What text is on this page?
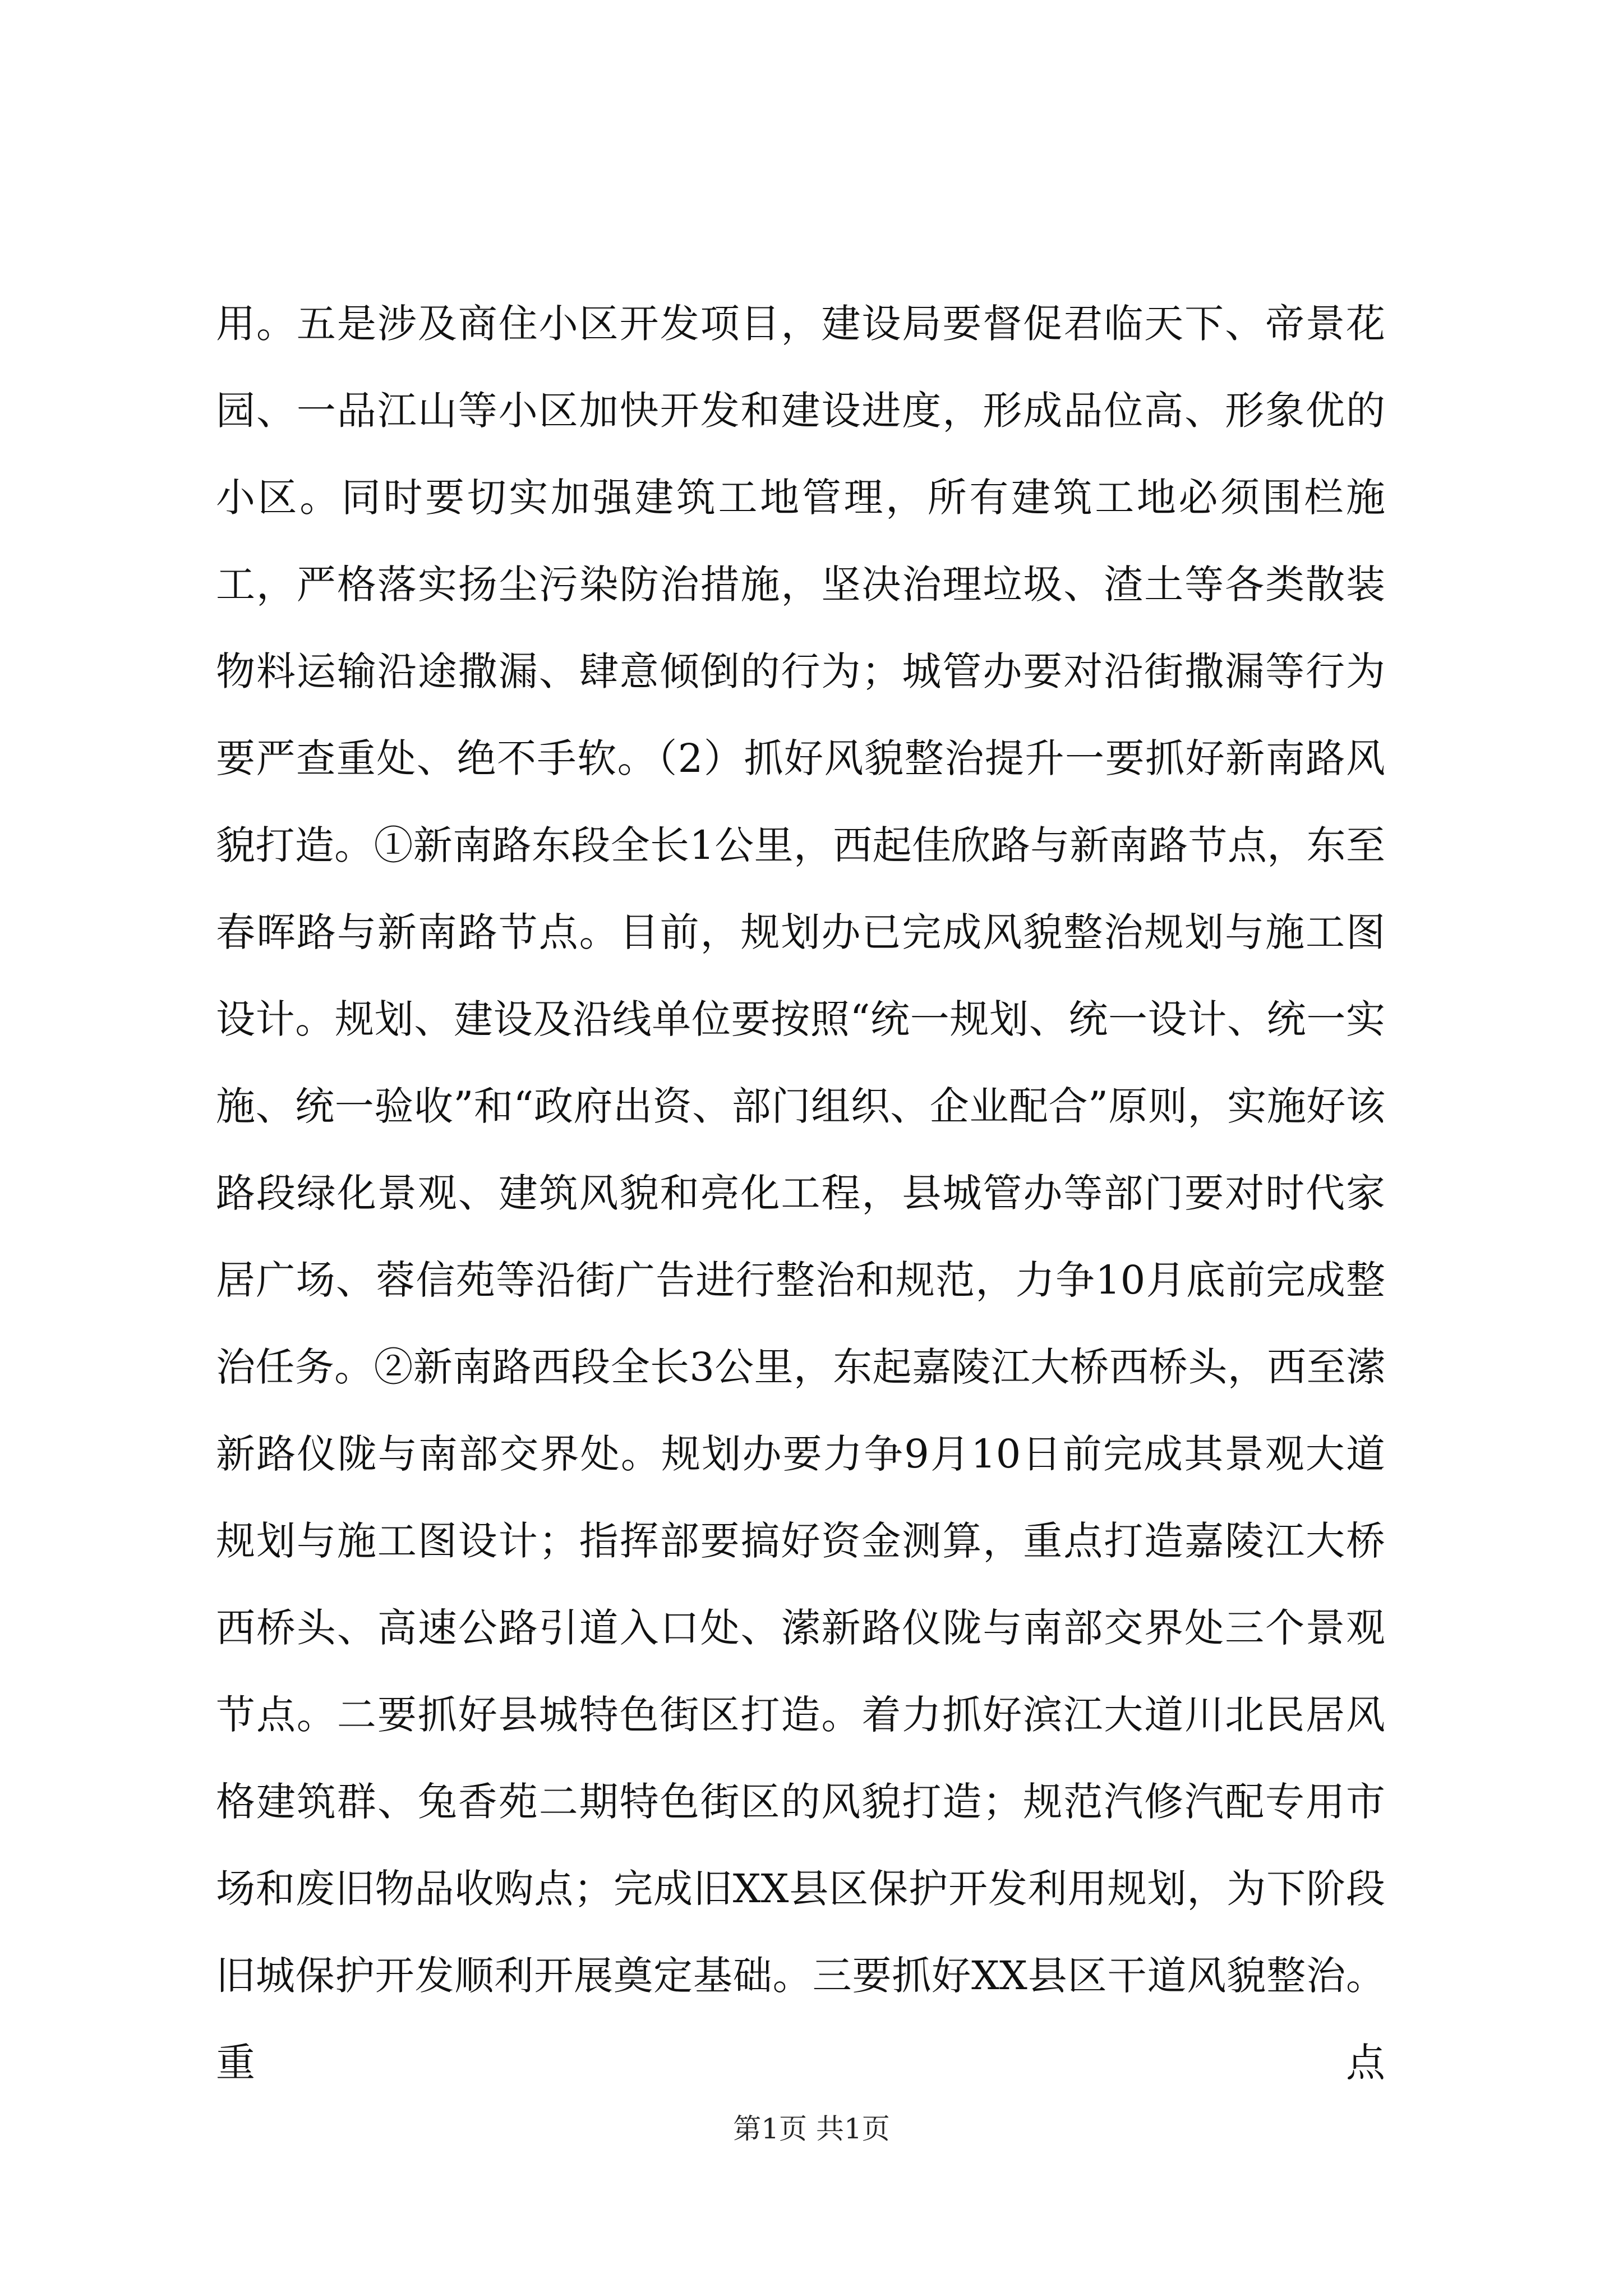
用。五是涉及商住小区开发项目，建设局要督促君临天下、帝景花园、一品江山等小区加快开发和建设进度，形成品位高、形象优的小区。同时要切实加强建筑工地管理，所有建筑工地必须围栏施工，严格落实扬尘污染防治措施，坚决治理垃圾、渣土等各类散装物料运输沿途撒漏、肆意倾倒的行为；城管办要对沿街撒漏等行为要严查重处、绝不手软。（2）抓好风貌整治提升一要抓好新南路风貌打造。①新南路东段全长1公里，西起佳欣路与新南路节点，东至春晖路与新南路节点。目前，规划办已完成风貌整治规划与施工图设计。规划、建设及沿线单位要按照“统一规划、统一设计、统一实施、统一验收”和“政府出资、部门组织、企业配合”原则，实施好该路段绿化景观、建筑风貌和亮化工程，县城管办等部门要对时代家居广场、蓉信苑等沿街广告进行整治和规范，力争10月底前完成整治任务。②新南路西段全长3公里，东起嘉陵江大桥西桥头，西至潆新路仪陇与南部交界处。规划办要力争9月10日前完成其景观大道规划与施工图设计；指挥部要搞好资金测算，重点打造嘉陵江大桥西桥头、高速公路引道入口处、潆新路仪陇与南部交界处三个景观节点。二要抓好县城特色街区打造。着力抓好滨江大道川北民居风格建筑群、兔香苑二期特色街区的风貌打造；规范汽修汽配专用市场和废旧物品收购点；完成旧XX县区保护开发利用规划，为下阶段旧城保护开发顺利开展奠定基础。三要抓好XX县区干道风貌整治。重点

第1页 共1页
